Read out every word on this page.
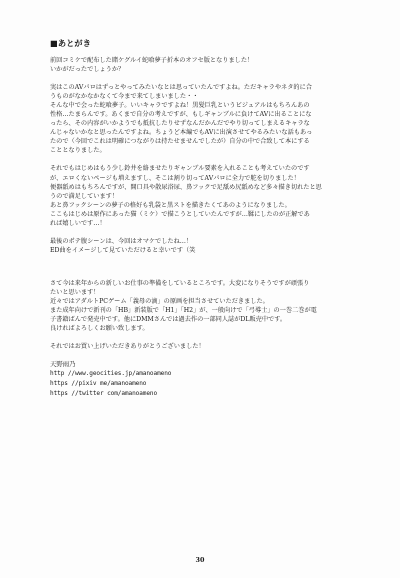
■あとがき
前回コミケで配布した賭ケグルイ蛇喰夢子折本のオフセ版となりました！
いかがだったでしょうか？
実はこのAVパロはずっとやってみたいなとは思っていたんですよね。ただキャラやネタ的に合
うものがなかなかなくて今まで来てしまいました・・
そんな中で会った蛇喰夢子。いいキャラですよね！黒髪巨乳というビジュアルはもちろんあの
性格…たまらんです。あくまで自分の考えですが、もしギャンブルに負けてAVに出ることにな
ったら、その内容がいかようでも抵抗したりせずなんだかんだでやり切ってしまえるキャラな
んじゃないかなと思ったんですよね。ちょうど本編でもAVに出演させてやるみたいな話もあっ
たので（今回でこれは明確につながりは持たせませんでしたが）自分の中で合致して本にする
こととなりました。
それでもはじめはもう少し鈴井を絡ませたりギャンブル要素を入れることも考えていたのです
が、エロくないページも増えますし、そこは割り切ってAVパロに全力で舵を切りました！
便器舐めはもちろんですが、開口具や散尿浴尿、鼻フックで足舐め尻舐めなど多々描き切れたと思
うので満足しています！
あと鼻フックシーンの夢子の格好も乳袋と黒ストを描きたくてあのようになりました。
ここもはじめは原作にあった猫（ミケ）で描こうとしていたんですが…鞣にしたのが正解であ
れば嬉しいです…！
最後のポテ腹シーンは、今回はオマケでしたね…！
ED曲をイメージして見ていただけると幸いです（笑
さて今は来年からの新しいお仕事の準備をしているところです。大変になりそうですが頑張り
たいと思います！
近々ではアダルトPCゲーム「義母の滴」の原画を担当させていただきました。
また成年向けで新刊の「HB」新装版で「H1」「H2」が、一般向けで「弓導士」の一巻二巻が電
子書籍ばんで発売中です。他にDMMさんでは過去作の一部同人誌がDL販売中です。
良ければよろしくお願い致します。
それではお買い上げいただきありがとうございました！
天野雨乃
http //www.geocities.jp/amanoameno
https //pixiv me/amanoameno
https //twitter com/amanoameno
30
